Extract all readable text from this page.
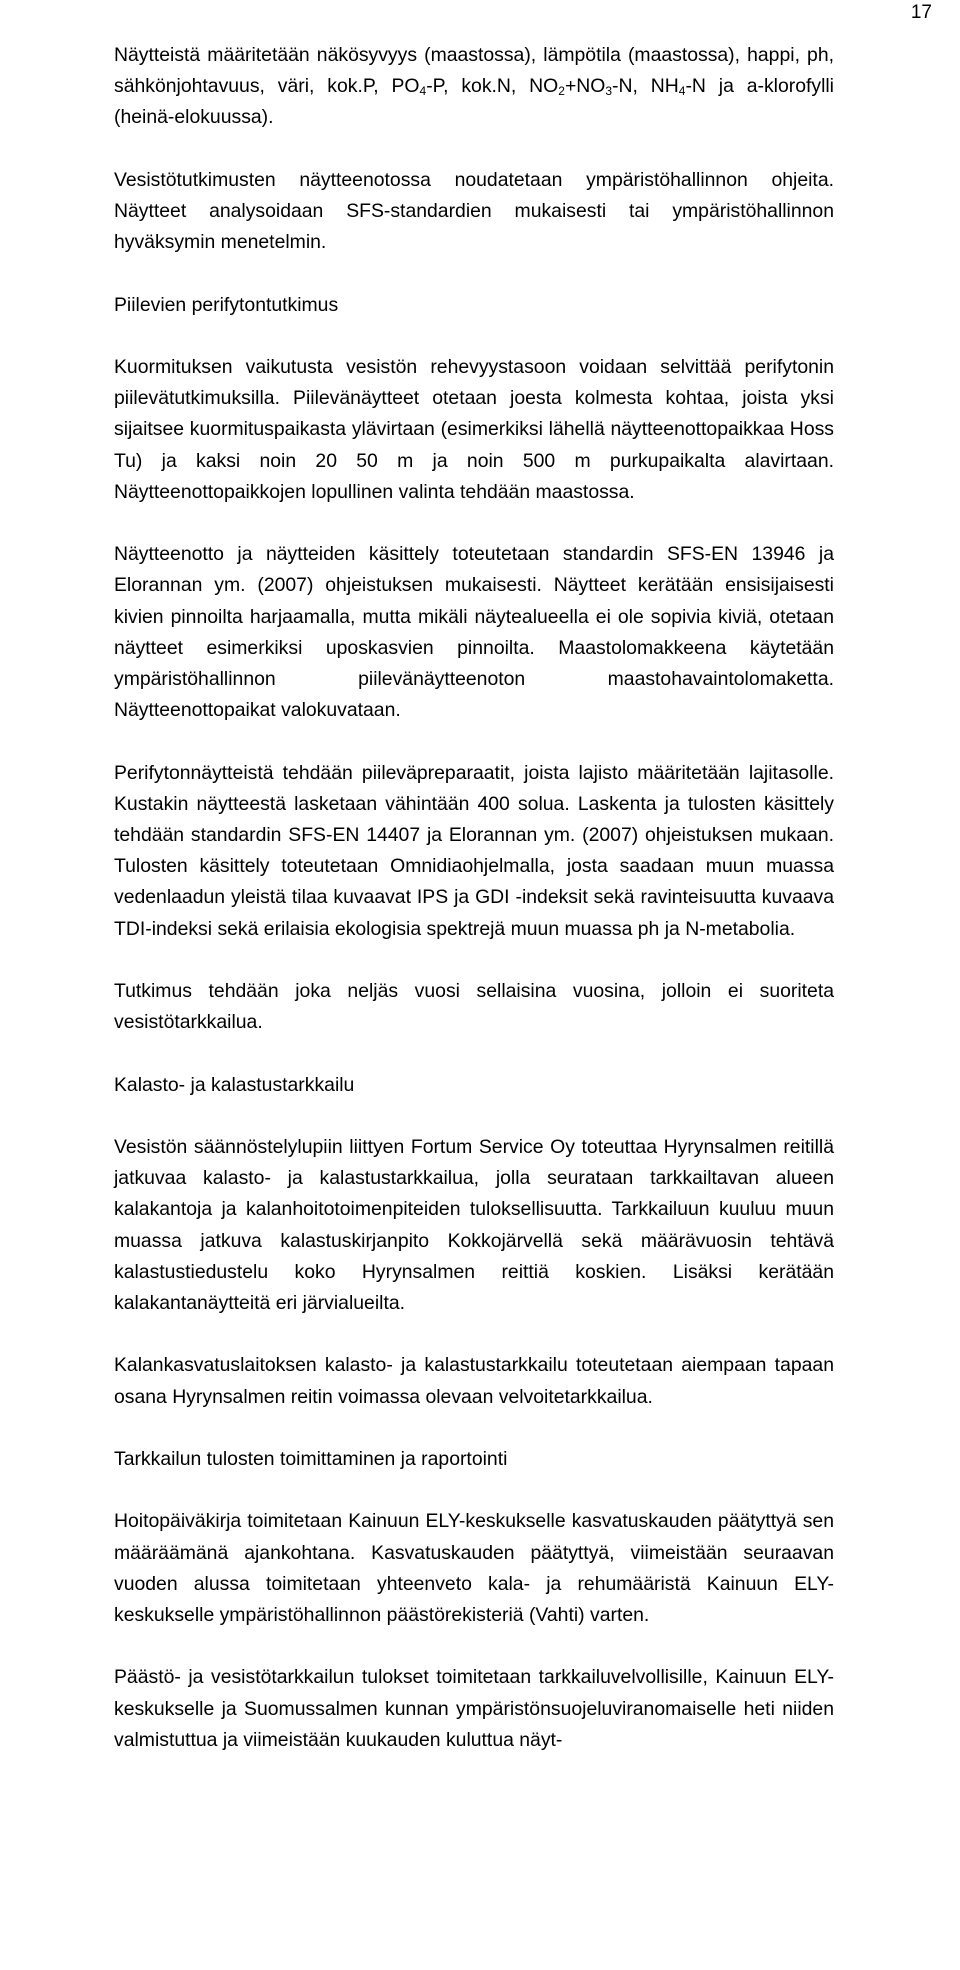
17

Näytteistä määritetään näkösyvyys (maastossa), lämpötila (maastossa), happi, ph, sähkönjohtavuus, väri, kok.P, $PO_4-P$, kok.N, $NO_2+NO_3-N$, $NH_4-N$ ja a-klorofylli (heinä-elokuussa).

Vesistötutkimusten näytteenotossa noudatetaan ympäristöhallinnon ohjeita. Näytteet analysoidaan SFS-standardien mukaisesti tai ympäristöhallinnon hyväksymin menetelmin.

Piilevien perifytontutkimus

Kuormituksen vaikutusta vesistön rehevyystasoon voidaan selvittää perifytonin piilevätutkimuksilla. Piilevänäytteet otetaan joesta kolmesta kohtaa, joista yksi sijaitsee kuormituspaikasta ylävirtaan (esimerkiksi lähellä näytteenottopaikkaa Hoss Tu) ja kaksi noin 20 50 m ja noin 500 m purkupaikalta alavirtaan. Näytteenottopaikkojen lopullinen valinta tehdään maastossa.

Näytteenotto ja näytteiden käsittely toteutetaan standardin SFS-EN 13946 ja Elorannan ym. (2007) ohjeistuksen mukaisesti. Näytteet kerätään ensisijaisesti kivien pinnoilta harjaamalla, mutta mikäli näytealueella ei ole sopivia kiviä, otetaan näytteet esimerkiksi uposkasvien pinnoilta. Maastolomakkeena käytetään ympäristöhallinnon piilevänäytteenoton maastohavaintolomaketta. Näytteenottopaikat valokuvataan.

Perifytonnäytteistä tehdään piileväpreparaatit, joista lajisto määritetään lajitasolle. Kustakin näytteestä lasketaan vähintään 400 solua. Laskenta ja tulosten käsittely tehdään standardin SFS-EN 14407 ja Elorannan ym. (2007) ohjeistuksen mukaan. Tulosten käsittely toteutetaan Omnidiaohjelmalla, josta saadaan muun muassa vedenlaadun yleistä tilaa kuvaavat IPS ja GDI -indeksit sekä ravinteisuutta kuvaava TDI-indeksi sekä erilaisia ekologisia spektrejä muun muassa ph ja N-metabolia.

Tutkimus tehdään joka neljäs vuosi sellaisina vuosina, jolloin ei suoriteta vesistötarkkailua.

Kalasto- ja kalastustarkkailu

Vesistön säännöstelylupiin liittyen Fortum Service Oy toteuttaa Hyrynsalmen reitillä jatkuvaa kalasto- ja kalastustarkkailua, jolla seurataan tarkkailtavan alueen kalakantoja ja kalanhoitotoimenpiteiden tuloksellisuutta. Tarkkailuun kuuluu muun muassa jatkuva kalastuskirjanpito Kokkojärvellä sekä määrävuosin tehtävä kalastustiedustelu koko Hyrynsalmen reittiä koskien. Lisäksi kerätään kalakantanäytteitä eri järvialueilta.

Kalankasvatuslaitoksen kalasto- ja kalastustarkkailu toteutetaan aiempaan tapaan osana Hyrynsalmen reitin voimassa olevaan velvoitetarkkailua.

Tarkkailun tulosten toimittaminen ja raportointi

Hoitopäiväkirja toimitetaan Kainuun ELY-keskukselle kasvatuskauden päätyttyä sen määräämänä ajankohtana. Kasvatuskauden päätyttyä, viimeistään seuraavan vuoden alussa toimitetaan yhteenveto kala- ja rehumääristä Kainuun ELY-keskukselle ympäristöhallinnon päästörekisteriä (Vahti) varten.

Päästö- ja vesistötarkkailun tulokset toimitetaan tarkkailuvelvollisille, Kainuun ELY-keskukselle ja Suomussalmen kunnan ympäristönsuojeluviranomaiselle heti niiden valmistuttua ja viimeistään kuukauden kuluttua näyt-
